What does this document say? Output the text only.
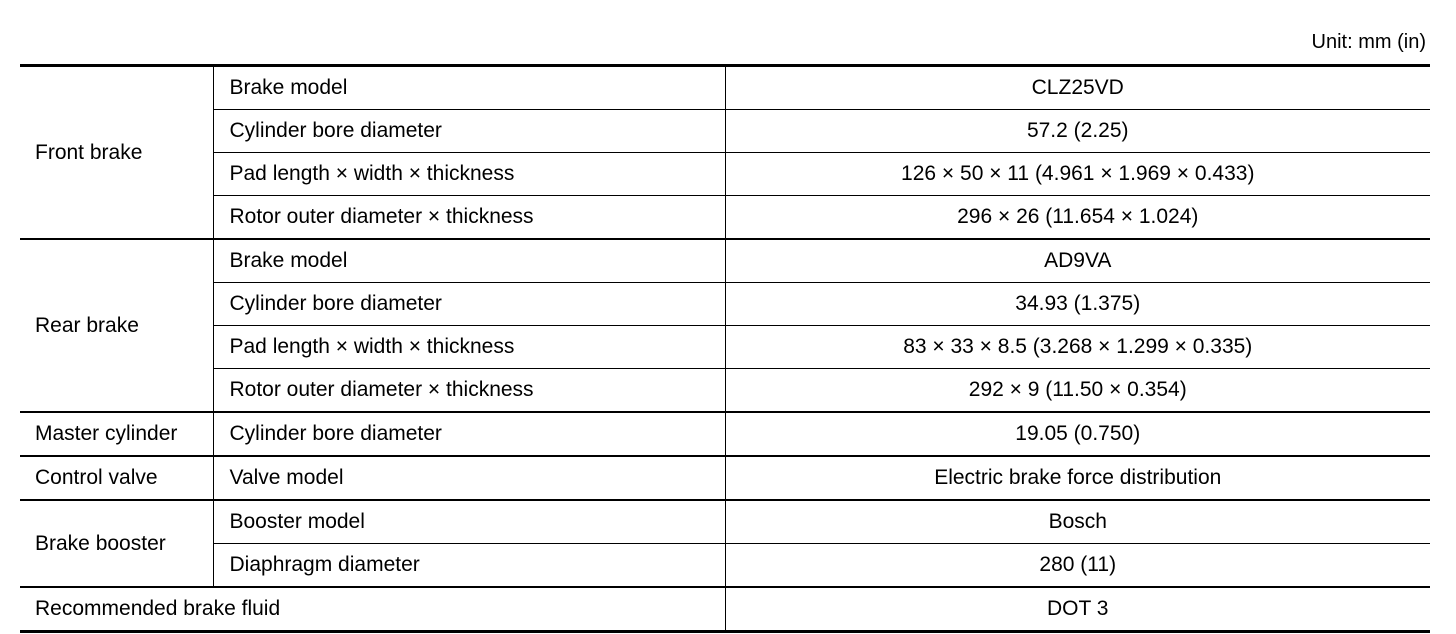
Unit: mm (in)
Front brake	Brake model	CLZ25VD
	Cylinder bore diameter	57.2 (2.25)
	Pad length × width × thickness	126 × 50 × 11 (4.961 × 1.969 × 0.433)
	Rotor outer diameter × thickness	296 × 26 (11.654 × 1.024)
Rear brake	Brake model	AD9VA
	Cylinder bore diameter	34.93 (1.375)
	Pad length × width × thickness	83 × 33 × 8.5 (3.268 × 1.299 × 0.335)
	Rotor outer diameter × thickness	292 × 9 (11.50 × 0.354)
Master cylinder	Cylinder bore diameter	19.05 (0.750)
Control valve	Valve model	Electric brake force distribution
Brake booster	Booster model	Bosch
	Diaphragm diameter	280 (11)
Recommended brake fluid		DOT 3
